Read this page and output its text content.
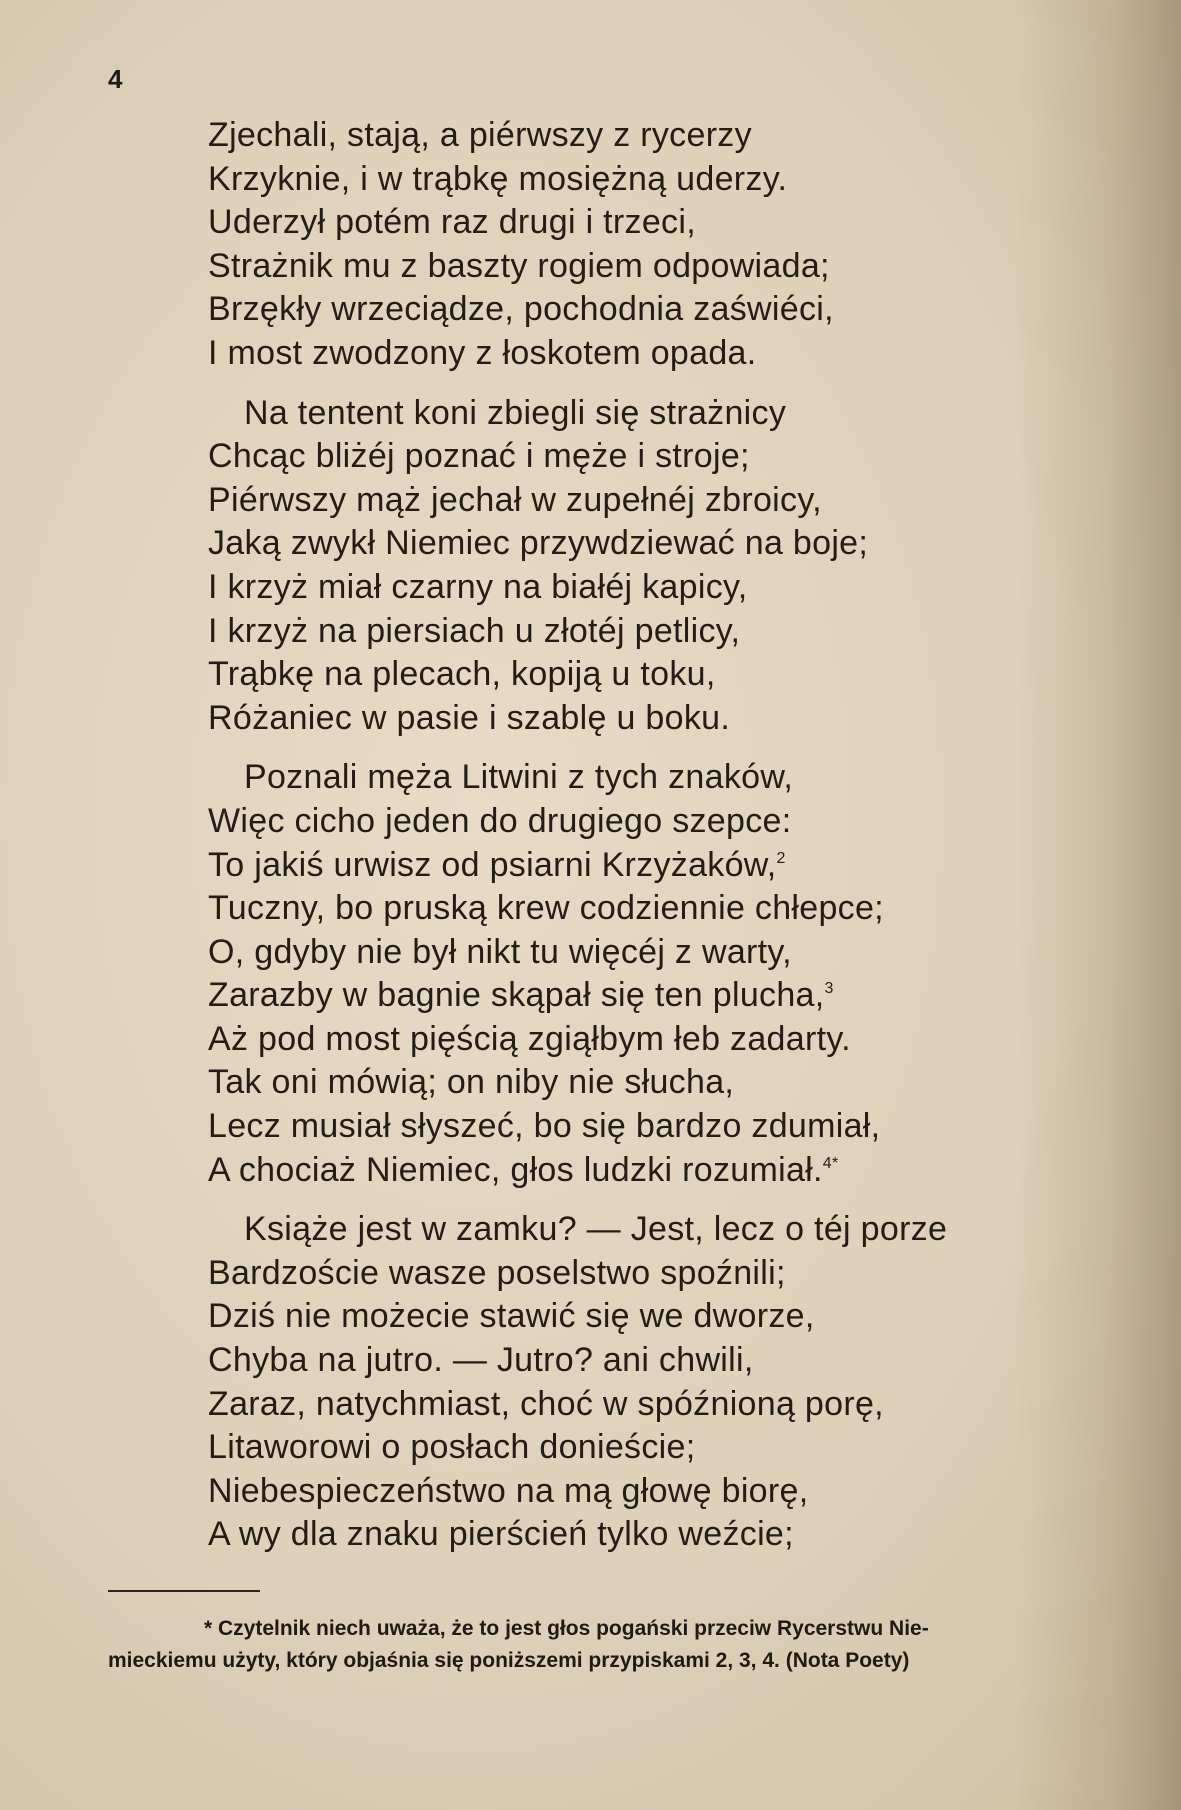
4
Zjechali, stają, a piérwszy z rycerzy
Krzyknie, i w trąbkę mosiężną uderzy.
Uderzył potém raz drugi i trzeci,
Strażnik mu z baszty rogiem odpowiada;
Brzękły wrzeciądze, pochodnia zaświéci,
I most zwodzony z łoskotem opada.
Na tentent koni zbiegli się strażnicy
Chcąc bliżéj poznać i męże i stroje;
Piérwszy mąż jechał w zupełnéj zbroicy,
Jaką zwykł Niemiec przywdziewać na boje;
I krzyż miał czarny na białéj kapicy,
I krzyż na piersiach u złotéj petlicy,
Trąbkę na plecach, kopiją u toku,
Różaniec w pasie i szablę u boku.
Poznali męża Litwini z tych znaków,
Więc cicho jeden do drugiego szepce:
To jakiś urwisz od psiarni Krzyżaków,$^2$
Tuczny, bo pruską krew codziennie chłepce;
O, gdyby nie był nikt tu więcéj z warty,
Zarazby w bagnie skąpał się ten plucha,$^3$
Aż pod most pięścią zgiąłbym łeb zadarty.
Tak oni mówią; on niby nie słucha,
Lecz musiał słyszeć, bo się bardzo zdumiał,
A chociaż Niemiec, głos ludzki rozumiał.$^{4*}$
Książe jest w zamku? — Jest, lecz o téj porze
Bardzoście wasze poselstwo spoźnili;
Dziś nie możecie stawić się we dworze,
Chyba na jutro. — Jutro? ani chwili,
Zaraz, natychmiast, choć w spóźnioną porę,
Litaworowi o posłach donieście;
Niebespieczeństwo na mą głowę biorę,
A wy dla znaku pierścień tylko weźcie;
* Czytelnik niech uważa, że to jest głos pogański przeciw Rycerstwu Nie-
mieckiemu użyty, który objaśnia się poniższemi przypiskami 2, 3, 4. (Nota Poety)
